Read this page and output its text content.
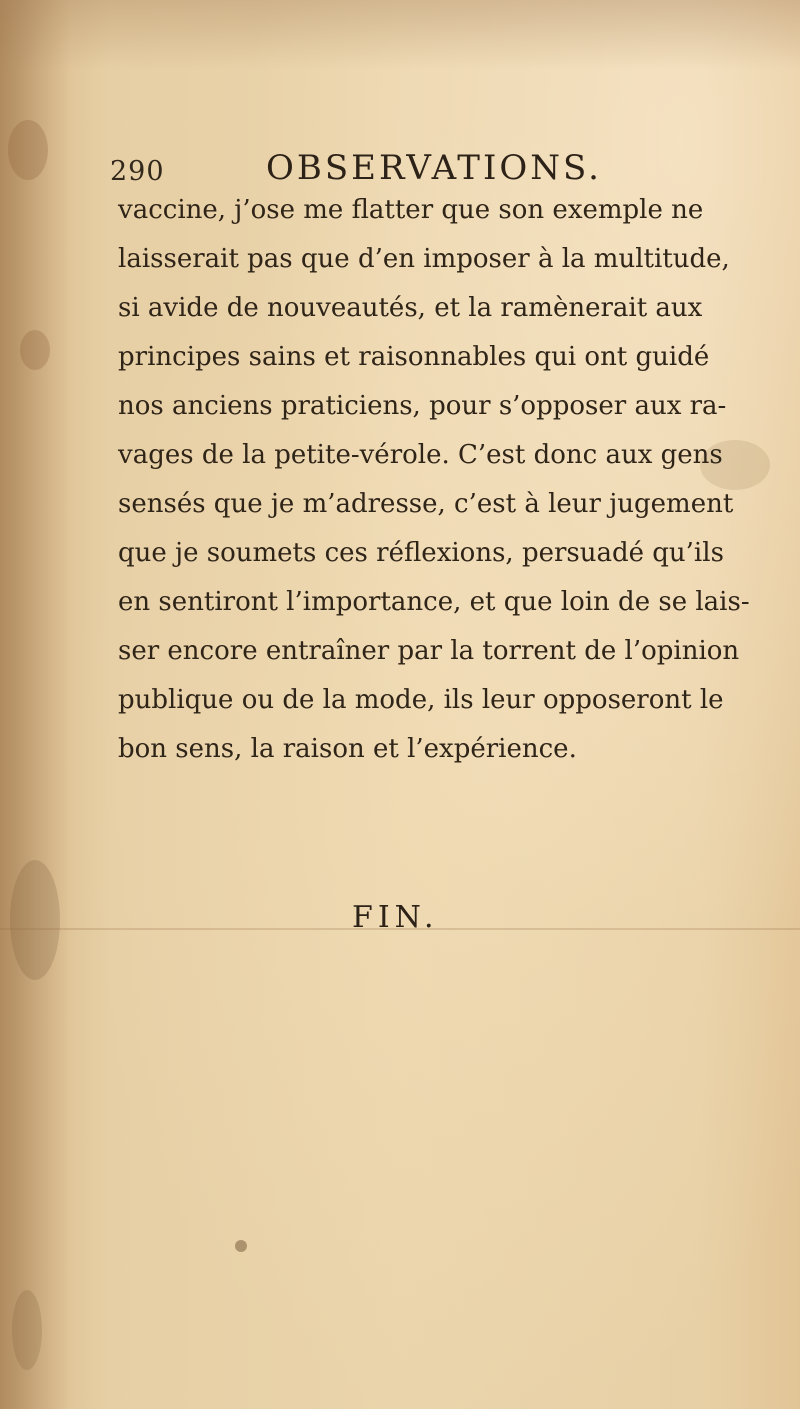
290	OBSERVATIONS.
vaccine, j’ose me flatter que son exemple ne
laisserait pas que d’en imposer à la multitude,
si avide de nouveautés, et la ramènerait aux
principes sains et raisonnables qui ont guidé
nos anciens praticiens, pour s’opposer aux ra-
vages de la petite-vérole. C’est donc aux gens
sensés que je m’adresse, c’est à leur jugement
que je soumets ces réflexions, persuadé qu’ils
en sentiront l’importance, et que loin de se lais-
ser encore entraîner par la torrent de l’opinion
publique ou de la mode, ils leur opposeront le
bon sens, la raison et l’expérience.
FIN.
